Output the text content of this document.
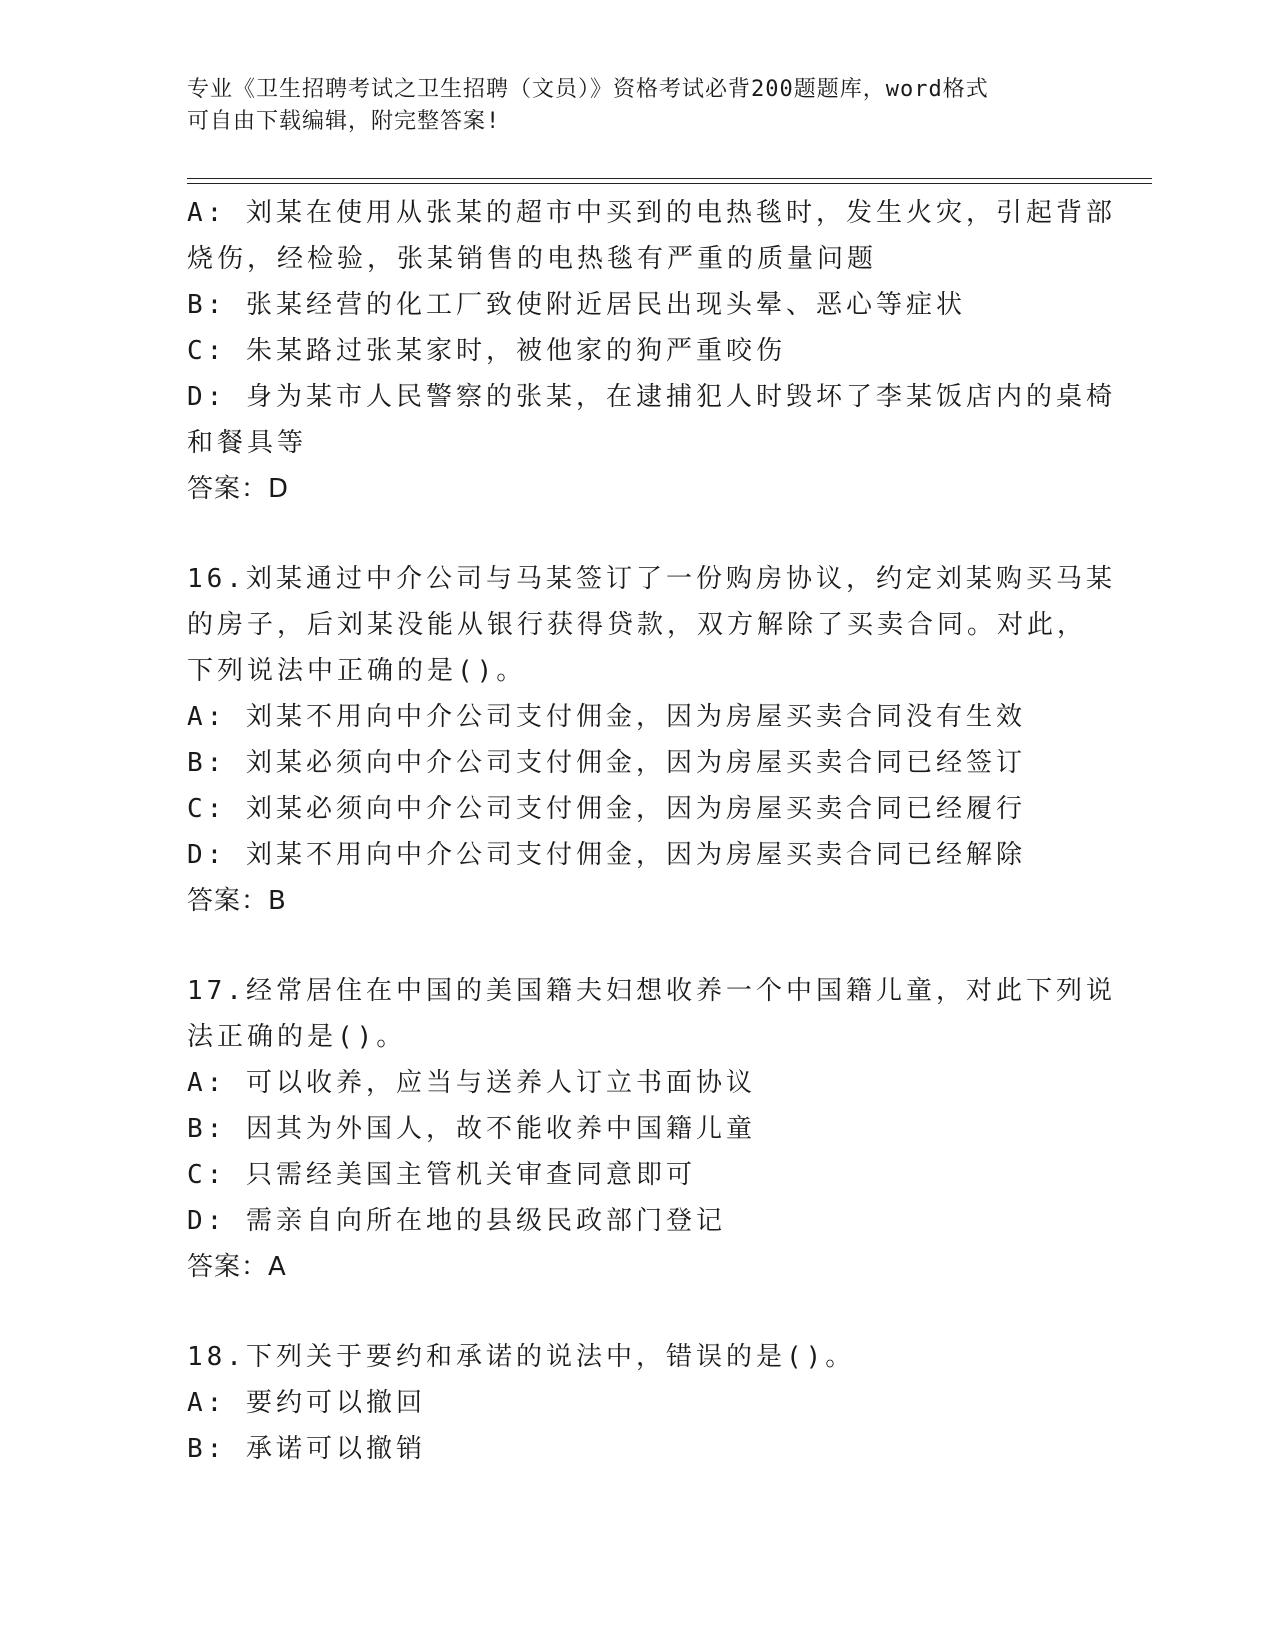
专业《卫生招聘考试之卫生招聘（文员）》资格考试必背200题题库，word格式
可自由下载编辑，附完整答案!

A: 刘某在使用从张某的超市中买到的电热毯时，发生火灾，引起背部

烧伤，经检验，张某销售的电热毯有严重的质量问题

B: 张某经营的化工厂致使附近居民出现头晕、恶心等症状

C: 朱某路过张某家时，被他家的狗严重咬伤

D: 身为某市人民警察的张某，在逮捕犯人时毁坏了李某饭店内的桌椅

和餐具等

答案：D

16.刘某通过中介公司与马某签订了一份购房协议，约定刘某购买马某

的房子，后刘某没能从银行获得贷款，双方解除了买卖合同。对此，

下列说法中正确的是()。

A: 刘某不用向中介公司支付佣金，因为房屋买卖合同没有生效

B: 刘某必须向中介公司支付佣金，因为房屋买卖合同已经签订

C: 刘某必须向中介公司支付佣金，因为房屋买卖合同已经履行

D: 刘某不用向中介公司支付佣金，因为房屋买卖合同已经解除

答案：B

17.经常居住在中国的美国籍夫妇想收养一个中国籍儿童，对此下列说

法正确的是()。

A: 可以收养，应当与送养人订立书面协议

B: 因其为外国人，故不能收养中国籍儿童

C: 只需经美国主管机关审查同意即可

D: 需亲自向所在地的县级民政部门登记

答案：A

18.下列关于要约和承诺的说法中，错误的是()。

A: 要约可以撤回

B: 承诺可以撤销
